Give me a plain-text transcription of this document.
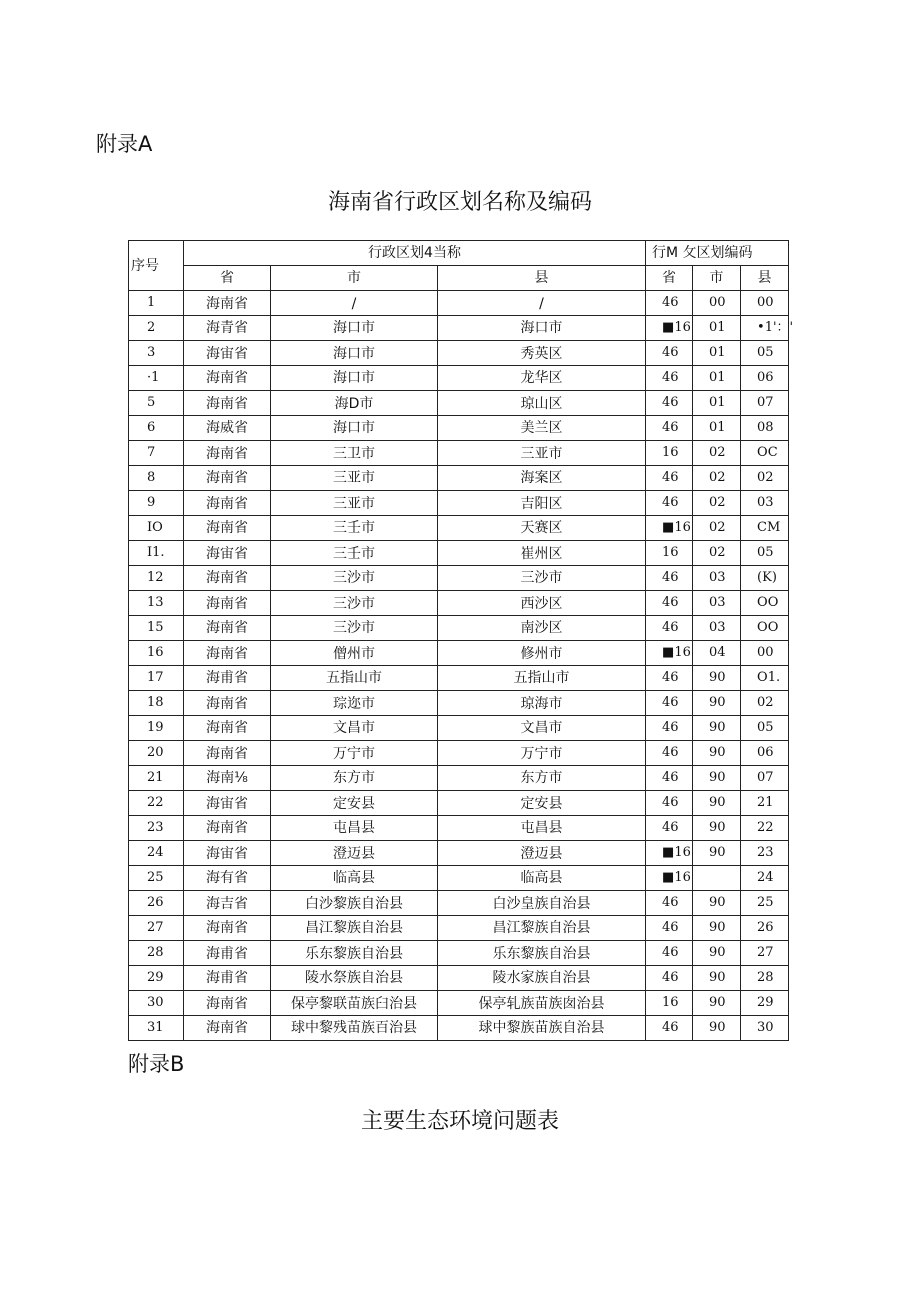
附录A
海南省行政区划名称及编码
序号	行政区划4当称			行M 攵区划编码		
	省	市	县	省	市	县
1	海南省	/	/	46	00	00
2	海青省	海口市	海口市	■16	01	•1'：'
3	海宙省	海口市	秀英区	46	01	05
·1	海南省	海口市	龙华区	46	01	06
5	海南省	海D市	琼山区	46	01	07
6	海威省	海口市	美兰区	46	01	08
7	海南省	三卫市	三亚市	16	02	OC
8	海南省	三亚市	海案区	46	02	02
9	海南省	三亚市	吉阳区	46	02	03
IO	海南省	三壬市	天赛区	■16	02	CM
I1.	海宙省	三壬市	崔州区	16	02	05
12	海南省	三沙市	三沙市	46	03	(K)
13	海南省	三沙市	西沙区	46	03	OO
15	海南省	三沙市	南沙区	46	03	OO
16	海南省	僧州市	修州市	■16	04	00
17	海甫省	五指山市	五指山市	46	90	O1.
18	海南省	琮迩市	琼海市	46	90	02
19	海南省	文昌市	文昌市	46	90	05
20	海南省	万宁市	万宁市	46	90	06
21	海南⅛	东方市	东方市	46	90	07
22	海宙省	定安县	定安县	46	90	21
23	海南省	屯昌县	屯昌县	46	90	22
24	海宙省	澄迈县	澄迈县	■16	90	23
25	海有省	临高县	临高县	■16		24
26	海吉省	白沙黎族自治县	白沙皇族自治县	46	90	25
27	海南省	昌江黎族自治县	昌江黎族自治县	46	90	26
28	海甫省	乐东黎族自治县	乐东黎族自治县	46	90	27
29	海甫省	陵水祭族自治县	陵水家族自治县	46	90	28
30	海南省	保亭黎联苗族臼治县	保亭轧族苗族囱治县	16	90	29
31	海南省	球中黎残苗族百治县	球中黎族苗族自治县	46	90	30
附录B
主要生态环境问题表
